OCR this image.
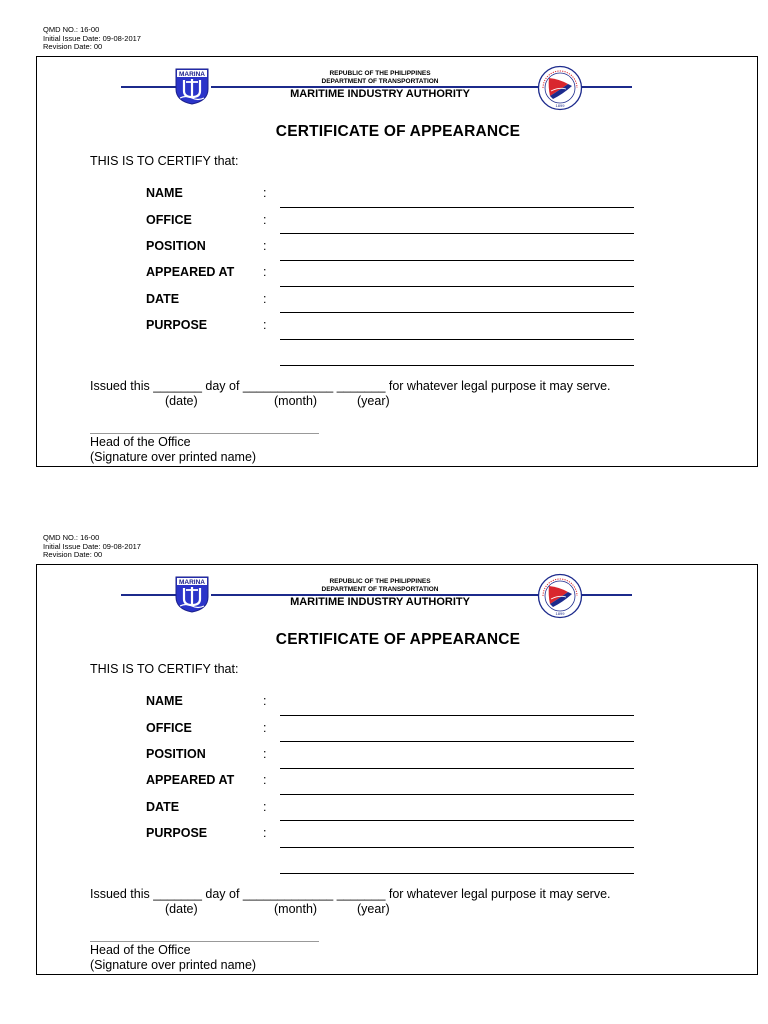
QMD NO.: 16-00
Initial Issue Date: 09-08-2017
Revision Date: 00
MARINA	REPUBLIC OF THE PHILIPPINES
DEPARTMENT OF TRANSPORTATION
MARITIME INDUSTRY AUTHORITY
1899
CERTIFICATE OF APPEARANCE
THIS IS TO CERTIFY that:
NAME	:
OFFICE	:
POSITION	:
APPEARED AT :
DATE	:
PURPOSE	:
Issued this _______ day of _____________ _______ for whatever legal purpose it may serve.
(date)	(month)	(year)
Head of the Office
(Signature over printed name)
QMD NO.: 16-00
Initial Issue Date: 09-08-2017
Revision Date: 00
MARINA	REPUBLIC OF THE PHILIPPINES
DEPARTMENT OF TRANSPORTATION
MARITIME INDUSTRY AUTHORITY
1899
CERTIFICATE OF APPEARANCE
THIS IS TO CERTIFY that:
NAME	:
OFFICE	:
POSITION	:
APPEARED AT :
DATE	:
PURPOSE	:
Issued this _______ day of _____________ _______ for whatever legal purpose it may serve.
(date)	(month)	(year)
Head of the Office
(Signature over printed name)
